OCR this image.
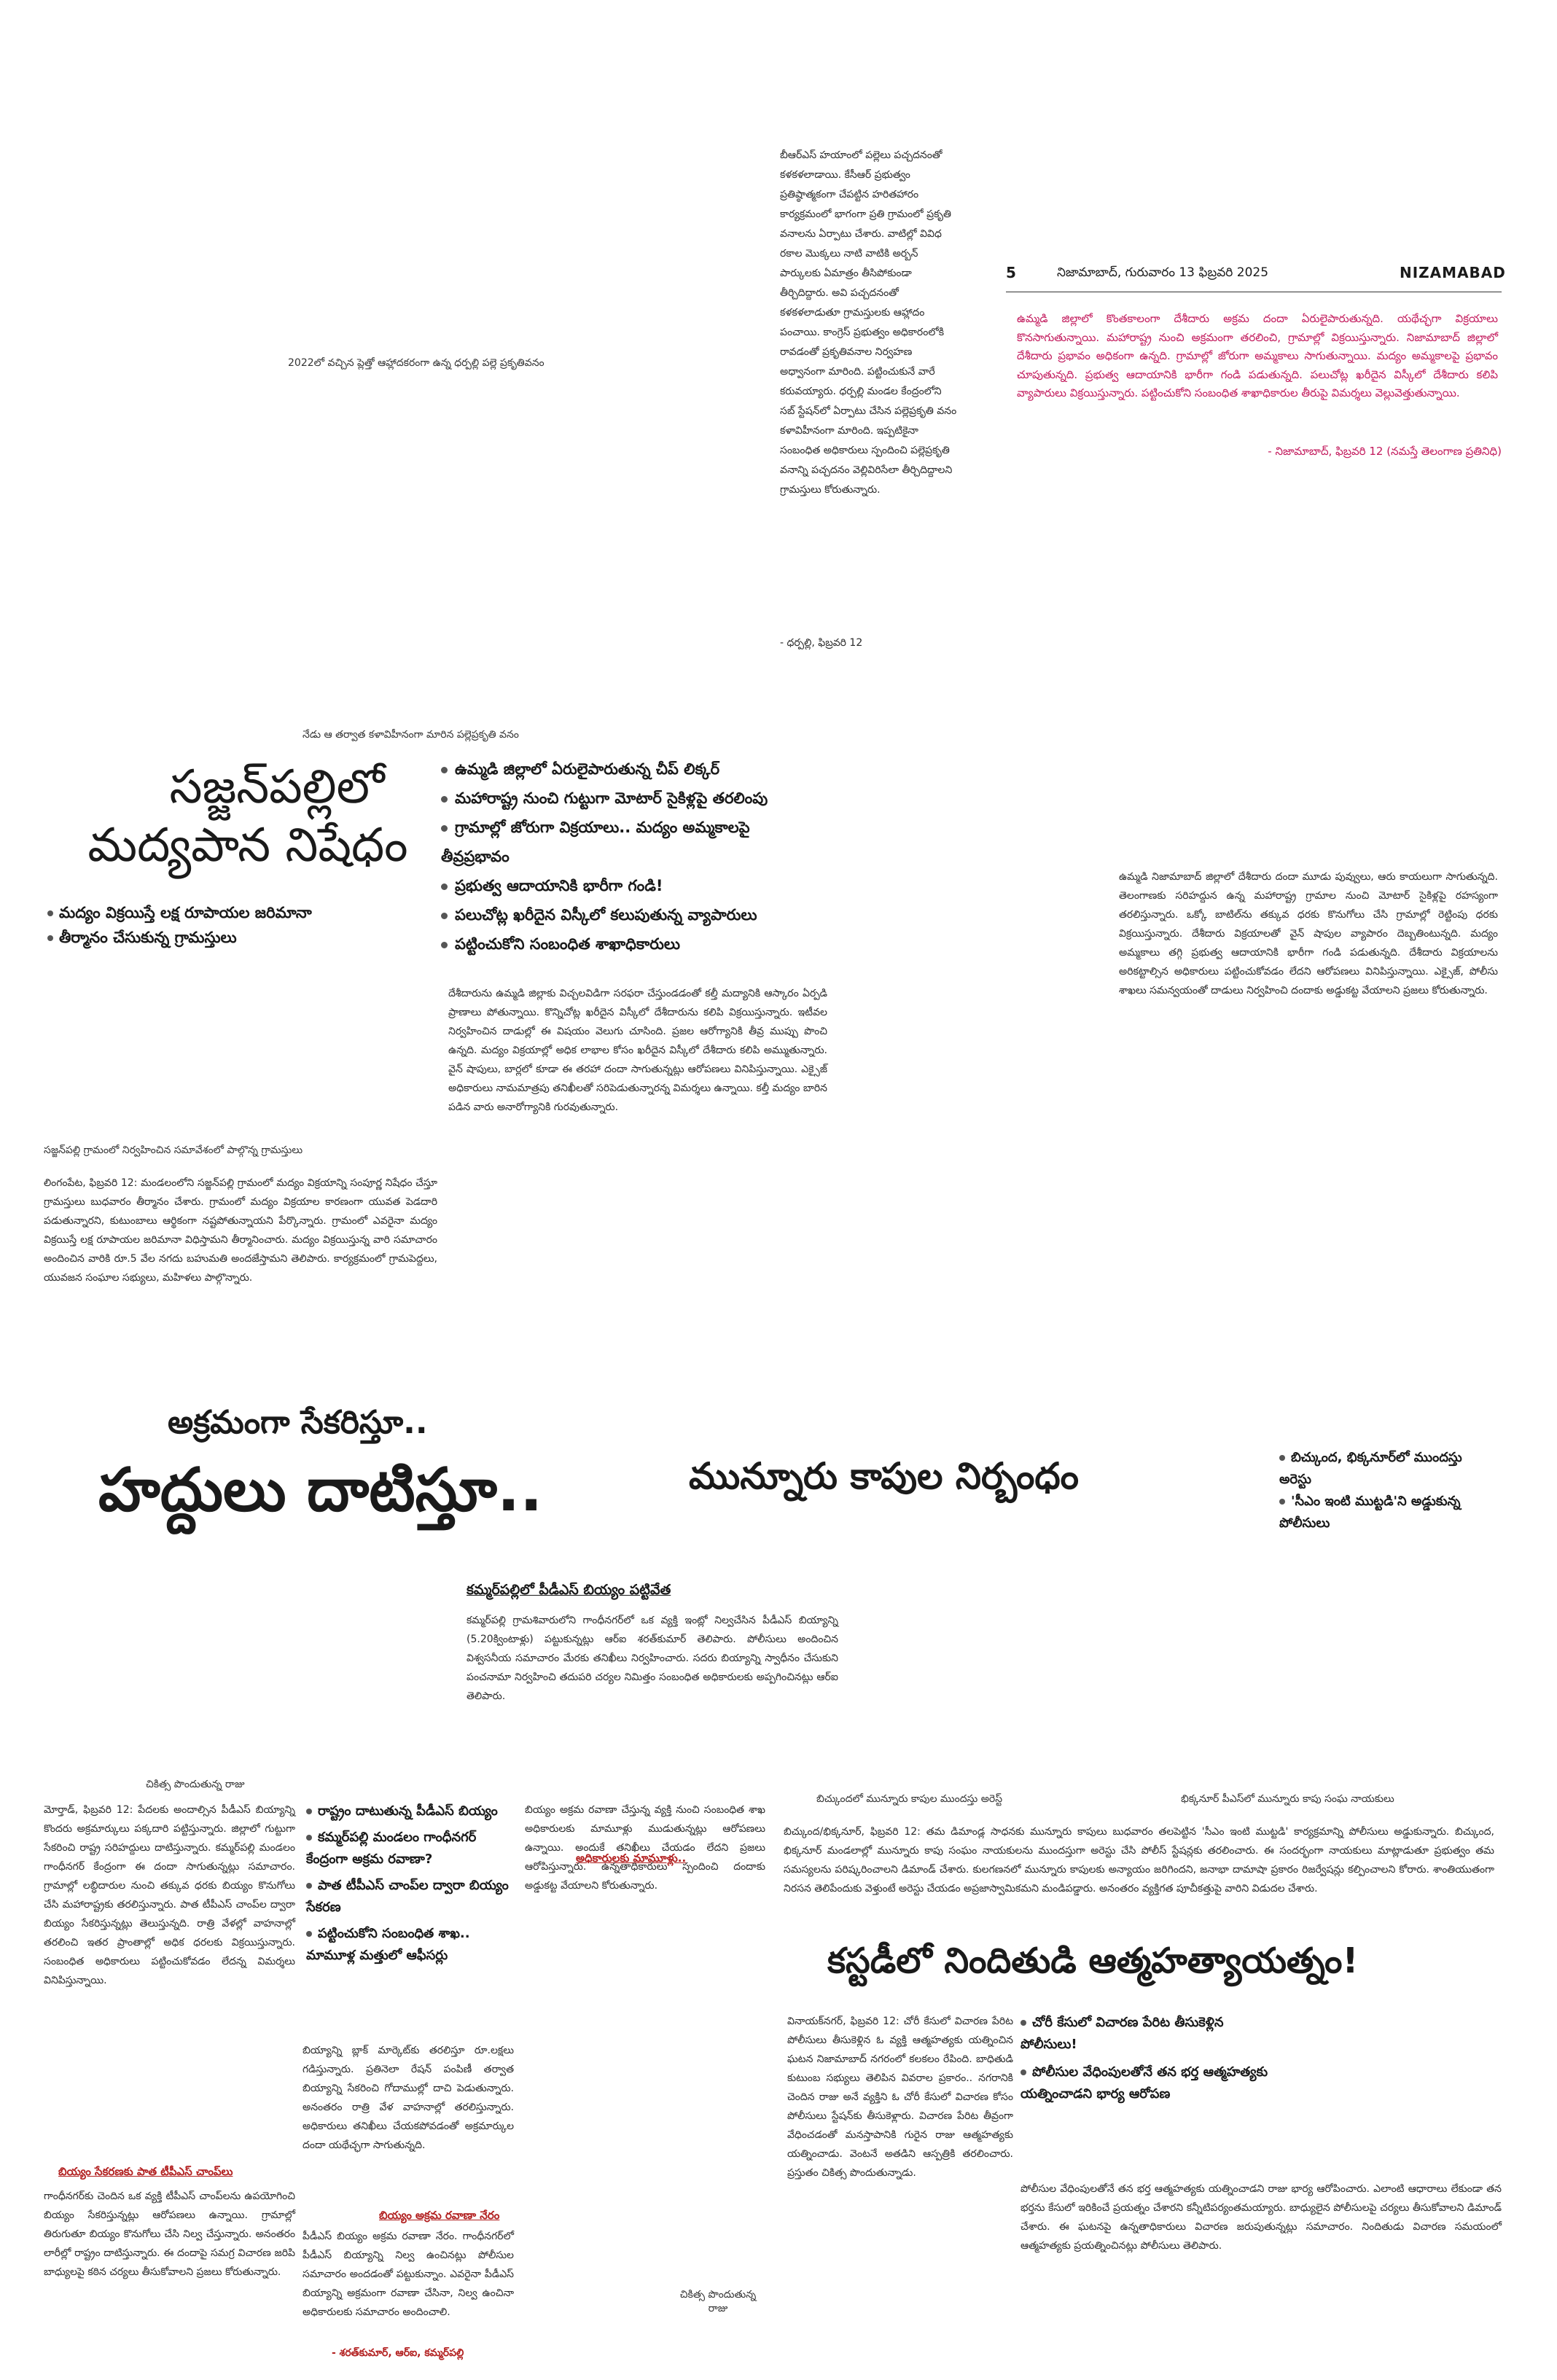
2022లో వచ్చిన ప్లెత్తో ఆహ్లాదకరంగా ఉన్న ధర్పల్లి పల్లె ప్రకృతివనం
బీఆర్ఎస్ హయాంలో పల్లెలు పచ్చదనంతో కళకళలాడాయి. కేసీఆర్ ప్రభుత్వం ప్రతిష్ఠాత్మకంగా చేపట్టిన హరితహారం కార్యక్రమంలో భాగంగా ప్రతి గ్రామంలో ప్రకృతి వనాలను ఏర్పాటు చేశారు. వాటిల్లో వివిధ రకాల మొక్కలు నాటి వాటికి అర్బన్ పార్కులకు ఏమాత్రం తీసిపోకుండా తీర్చిదిద్దారు. అవి పచ్చదనంతో కళకళలాడుతూ గ్రామస్తులకు ఆహ్లాదం పంచాయి. కాంగ్రెస్ ప్రభుత్వం అధికారంలోకి రావడంతో ప్రకృతివనాల నిర్వహణ అధ్వానంగా మారింది. పట్టించుకునే వారే కరువయ్యారు. ధర్పల్లి మండల కేంద్రంలోని సబ్ స్టేషన్‌లో ఏర్పాటు చేసిన పల్లెప్రకృతి వనం కళావిహీనంగా మారింది. ఇప్పటికైనా సంబంధిత అధికారులు స్పందించి పల్లెప్రకృతి వనాన్ని పచ్చదనం వెల్లివిరిసేలా తీర్చిదిద్దాలని గ్రామస్తులు కోరుతున్నారు.
- ధర్పల్లి, ఫిబ్రవరి 12
5	నిజామాబాద్, గురువారం 13 ఫిబ్రవరి 2025	NIZAMABAD
ఉమ్మడి జిల్లాలో కొంతకాలంగా దేశీదారు అక్రమ దందా ఏరులైపారుతున్నది. యథేచ్ఛగా విక్రయాలు కొనసాగుతున్నాయి. మహారాష్ట్ర నుంచి అక్రమంగా తరలించి, గ్రామాల్లో విక్రయిస్తున్నారు. నిజామాబాద్ జిల్లాలో దేశీదారు ప్రభావం అధికంగా ఉన్నది. గ్రామాల్లో జోరుగా అమ్మకాలు సాగుతున్నాయి. మద్యం అమ్మకాలపై ప్రభావం చూపుతున్నది. ప్రభుత్వ ఆదాయానికి భారీగా గండి పడుతున్నది. పలుచోట్ల ఖరీదైన విస్కీలో దేశీదారు కలిపి వ్యాపారులు విక్రయిస్తున్నారు. పట్టించుకోని సంబంధిత శాఖాధికారుల తీరుపై విమర్శలు వెల్లువెత్తుతున్నాయి.
- నిజామాబాద్, ఫిబ్రవరి 12 (నమస్తే తెలంగాణ ప్రతినిధి)
నేడు ఆ తర్వాత కళావిహీనంగా మారిన పల్లెప్రకృతి వనం
సజ్జన్‌పల్లిలో
మద్యపాన నిషేధం
మద్యం విక్రయిస్తే లక్ష రూపాయల జరిమానా
తీర్మానం చేసుకున్న గ్రామస్తులు
సజ్జన్‌పల్లి గ్రామంలో నిర్వహించిన సమావేశంలో పాల్గొన్న గ్రామస్తులు
లింగంపేట, ఫిబ్రవరి 12: మండలంలోని సజ్జన్‌పల్లి గ్రామంలో మద్యం విక్రయాన్ని సంపూర్ణ నిషేధం చేస్తూ గ్రామస్తులు బుధవారం తీర్మానం చేశారు. గ్రామంలో మద్యం విక్రయాల కారణంగా యువత పెడదారి పడుతున్నారని, కుటుంబాలు ఆర్థికంగా నష్టపోతున్నాయని పేర్కొన్నారు. గ్రామంలో ఎవరైనా మద్యం విక్రయిస్తే లక్ష రూపాయల జరిమానా విధిస్తామని తీర్మానించారు. మద్యం విక్రయిస్తున్న వారి సమాచారం అందించిన వారికి రూ.5 వేల నగదు బహుమతి అందజేస్తామని తెలిపారు. కార్యక్రమంలో గ్రామపెద్దలు, యువజన సంఘాల సభ్యులు, మహిళలు పాల్గొన్నారు.
ఉమ్మడి జిల్లాలో ఏరులైపారుతున్న చీప్ లిక్కర్
మహారాష్ట్ర నుంచి గుట్టుగా మోటార్ సైకిళ్లపై తరలింపు
గ్రామాల్లో జోరుగా విక్రయాలు.. మద్యం అమ్మకాలపై తీవ్రప్రభావం
ప్రభుత్వ ఆదాయానికి భారీగా గండి!
పలుచోట్ల ఖరీదైన విస్కీలో కలుపుతున్న వ్యాపారులు
పట్టించుకోని సంబంధిత శాఖాధికారులు
దేశీదారును ఉమ్మడి జిల్లాకు విచ్చలవిడిగా సరఫరా చేస్తుండడంతో కల్తీ మద్యానికి ఆస్కారం ఏర్పడి ప్రాణాలు పోతున్నాయి. కొన్నిచోట్ల ఖరీదైన విస్కీలో దేశీదారును కలిపి విక్రయిస్తున్నారు. ఇటీవల నిర్వహించిన దాడుల్లో ఈ విషయం వెలుగు చూసింది. ప్రజల ఆరోగ్యానికి తీవ్ర ముప్పు పొంచి ఉన్నది. మద్యం విక్రయాల్లో అధిక లాభాల కోసం ఖరీదైన విస్కీలో దేశీదారు కలిపి అమ్ముతున్నారు. వైన్ షాపులు, బార్లలో కూడా ఈ తరహా దందా సాగుతున్నట్లు ఆరోపణలు వినిపిస్తున్నాయి. ఎక్సైజ్ అధికారులు నామమాత్రపు తనిఖీలతో సరిపెడుతున్నారన్న విమర్శలు ఉన్నాయి. కల్తీ మద్యం బారిన పడిన వారు అనారోగ్యానికి గురవుతున్నారు.
ఉమ్మడి నిజామాబాద్ జిల్లాలో దేశీదారు దందా మూడు పువ్వులు, ఆరు కాయలుగా సాగుతున్నది. తెలంగాణకు సరిహద్దున ఉన్న మహారాష్ట్ర గ్రామాల నుంచి మోటార్ సైకిళ్లపై రహస్యంగా తరలిస్తున్నారు. ఒక్కో బాటిల్‌ను తక్కువ ధరకు కొనుగోలు చేసి గ్రామాల్లో రెట్టింపు ధరకు విక్రయిస్తున్నారు. దేశీదారు విక్రయాలతో వైన్ షాపుల వ్యాపారం దెబ్బతింటున్నది. మద్యం అమ్మకాలు తగ్గి ప్రభుత్వ ఆదాయానికి భారీగా గండి పడుతున్నది. దేశీదారు విక్రయాలను అరికట్టాల్సిన అధికారులు పట్టించుకోవడం లేదని ఆరోపణలు వినిపిస్తున్నాయి. ఎక్సైజ్, పోలీసు శాఖలు సమన్వయంతో దాడులు నిర్వహించి దందాకు అడ్డుకట్ట వేయాలని ప్రజలు కోరుతున్నారు.
అక్రమంగా సేకరిస్తూ..
హద్దులు దాటిస్తూ..	మున్నూరు కాపుల నిర్బంధం	బిచ్కుంద, భిక్కనూర్‌లో ముందస్తు అరెస్టు
'సీఎం ఇంటి ముట్టడి'ని అడ్డుకున్న పోలీసులు
కమ్మర్‌పల్లిలో పీడీఎస్ బియ్యం పట్టివేత
కమ్మర్‌పల్లి గ్రామశివారులోని గాంధీనగర్‌లో ఒక వ్యక్తి ఇంట్లో నిల్వచేసిన పీడీఎస్ బియ్యాన్ని (5.20క్వింటాళ్లు) పట్టుకున్నట్లు ఆర్ఐ శరత్‌కుమార్ తెలిపారు. పోలీసులు అందించిన విశ్వసనీయ సమాచారం మేరకు తనిఖీలు నిర్వహించారు. సదరు బియ్యాన్ని స్వాధీనం చేసుకుని పంచనామా నిర్వహించి తదుపరి చర్యల నిమిత్తం సంబంధిత అధికారులకు అప్పగించినట్లు ఆర్ఐ తెలిపారు.
చికిత్స పొందుతున్న రాజు
మోర్తాడ్, ఫిబ్రవరి 12: పేదలకు అందాల్సిన పీడీఎస్ బియ్యాన్ని కొందరు అక్రమార్కులు పక్కదారి పట్టిస్తున్నారు. జిల్లాలో గుట్టుగా సేకరించి రాష్ట్ర సరిహద్దులు దాటిస్తున్నారు. కమ్మర్‌పల్లి మండలం గాంధీనగర్ కేంద్రంగా ఈ దందా సాగుతున్నట్లు సమాచారం. గ్రామాల్లో లబ్ధిదారుల నుంచి తక్కువ ధరకు బియ్యం కొనుగోలు చేసి మహారాష్ట్రకు తరలిస్తున్నారు. పాత టీపీఎస్ చాంప్‌ల ద్వారా బియ్యం సేకరిస్తున్నట్లు తెలుస్తున్నది. రాత్రి వేళల్లో వాహనాల్లో తరలించి ఇతర ప్రాంతాల్లో అధిక ధరలకు విక్రయిస్తున్నారు. సంబంధిత అధికారులు పట్టించుకోవడం లేదన్న విమర్శలు వినిపిస్తున్నాయి.
బియ్యం సేకరణకు పాత టీపీఎస్ చాంప్‌లు
గాంధీనగర్‌కు చెందిన ఒక వ్యక్తి టీపీఎస్ చాంప్‌లను ఉపయోగించి బియ్యం సేకరిస్తున్నట్లు ఆరోపణలు ఉన్నాయి. గ్రామాల్లో తిరుగుతూ బియ్యం కొనుగోలు చేసి నిల్వ చేస్తున్నారు. అనంతరం లారీల్లో రాష్ట్రం దాటిస్తున్నారు. ఈ దందాపై సమగ్ర విచారణ జరిపి బాధ్యులపై కఠిన చర్యలు తీసుకోవాలని ప్రజలు కోరుతున్నారు.
రాష్ట్రం దాటుతున్న పీడీఎస్ బియ్యం
కమ్మర్‌పల్లి మండలం గాంధీనగర్ కేంద్రంగా అక్రమ రవాణా?
పాత టీపీఎస్ చాంప్‌ల ద్వారా బియ్యం సేకరణ
పట్టించుకోని సంబంధిత శాఖ.. మామూళ్ల మత్తులో ఆఫీసర్లు
బియ్యాన్ని బ్లాక్ మార్కెట్‌కు తరలిస్తూ రూ.లక్షలు గడిస్తున్నారు. ప్రతినెలా రేషన్ పంపిణీ తర్వాత బియ్యాన్ని సేకరించి గోదాముల్లో దాచి పెడుతున్నారు. అనంతరం రాత్రి వేళ వాహనాల్లో తరలిస్తున్నారు. అధికారులు తనిఖీలు చేయకపోవడంతో అక్రమార్కుల దందా యథేచ్ఛగా సాగుతున్నది.
బియ్యం అక్రమ రవాణా నేరం
పీడీఎస్ బియ్యం అక్రమ రవాణా నేరం. గాంధీనగర్‌లో పీడీఎస్ బియ్యాన్ని నిల్వ ఉంచినట్లు పోలీసుల సమాచారం అందడంతో పట్టుకున్నాం. ఎవరైనా పీడీఎస్ బియ్యాన్ని అక్రమంగా రవాణా చేసినా, నిల్వ ఉంచినా అధికారులకు సమాచారం అందించాలి.
- శరత్‌కుమార్, ఆర్ఐ, కమ్మర్‌పల్లి
అధికారులకు మామూళ్లు..
బియ్యం అక్రమ రవాణా చేస్తున్న వ్యక్తి నుంచి సంబంధిత శాఖ అధికారులకు మామూళ్లు ముడుతున్నట్లు ఆరోపణలు ఉన్నాయి. అందుకే తనిఖీలు చేయడం లేదని ప్రజలు ఆరోపిస్తున్నారు. ఉన్నతాధికారులు స్పందించి దందాకు అడ్డుకట్ట వేయాలని కోరుతున్నారు.
చికిత్స పొందుతున్న రాజు
బిచ్కుందలో మున్నూరు కాపుల ముందస్తు అరెస్ట్	భిక్కనూర్ పీఎస్‌లో మున్నూరు కాపు సంఘ నాయకులు
బిచ్కుంద/భిక్కనూర్, ఫిబ్రవరి 12: తమ డిమాండ్ల సాధనకు మున్నూరు కాపులు బుధవారం తలపెట్టిన 'సీఎం ఇంటి ముట్టడి' కార్యక్రమాన్ని పోలీసులు అడ్డుకున్నారు. బిచ్కుంద, భిక్కనూర్ మండలాల్లో మున్నూరు కాపు సంఘం నాయకులను ముందస్తుగా అరెస్టు చేసి పోలీస్ స్టేషన్లకు తరలించారు. ఈ సందర్భంగా నాయకులు మాట్లాడుతూ ప్రభుత్వం తమ సమస్యలను పరిష్కరించాలని డిమాండ్ చేశారు. కులగణనలో మున్నూరు కాపులకు అన్యాయం జరిగిందని, జనాభా దామాషా ప్రకారం రిజర్వేషన్లు కల్పించాలని కోరారు. శాంతియుతంగా నిరసన తెలిపేందుకు వెళ్తుంటే అరెస్టు చేయడం అప్రజాస్వామికమని మండిపడ్డారు. అనంతరం వ్యక్తిగత పూచీకత్తుపై వారిని విడుదల చేశారు.
కస్టడీలో నిందితుడి ఆత్మహత్యాయత్నం!
చోరీ కేసులో విచారణ పేరిట తీసుకెళ్లిన పోలీసులు!
పోలీసుల వేధింపులతోనే తన భర్త ఆత్మహత్యకు యత్నించాడని భార్య ఆరోపణ
వినాయక్‌నగర్, ఫిబ్రవరి 12: చోరీ కేసులో విచారణ పేరిట పోలీసులు తీసుకెళ్లిన ఓ వ్యక్తి ఆత్మహత్యకు యత్నించిన ఘటన నిజామాబాద్ నగరంలో కలకలం రేపింది. బాధితుడి కుటుంబ సభ్యులు తెలిపిన వివరాల ప్రకారం.. నగరానికి చెందిన రాజు అనే వ్యక్తిని ఓ చోరీ కేసులో విచారణ కోసం పోలీసులు స్టేషన్‌కు తీసుకెళ్లారు. విచారణ పేరిట తీవ్రంగా వేధించడంతో మనస్తాపానికి గురైన రాజు ఆత్మహత్యకు యత్నించాడు. వెంటనే అతడిని ఆస్పత్రికి తరలించారు. ప్రస్తుతం చికిత్స పొందుతున్నాడు.
పోలీసుల వేధింపులతోనే తన భర్త ఆత్మహత్యకు యత్నించాడని రాజు భార్య ఆరోపించారు. ఎలాంటి ఆధారాలు లేకుండా తన భర్తను కేసులో ఇరికించే ప్రయత్నం చేశారని కన్నీటిపర్యంతమయ్యారు. బాధ్యులైన పోలీసులపై చర్యలు తీసుకోవాలని డిమాండ్ చేశారు. ఈ ఘటనపై ఉన్నతాధికారులు విచారణ జరుపుతున్నట్లు సమాచారం. నిందితుడు విచారణ సమయంలో ఆత్మహత్యకు ప్రయత్నించినట్లు పోలీసులు తెలిపారు.
